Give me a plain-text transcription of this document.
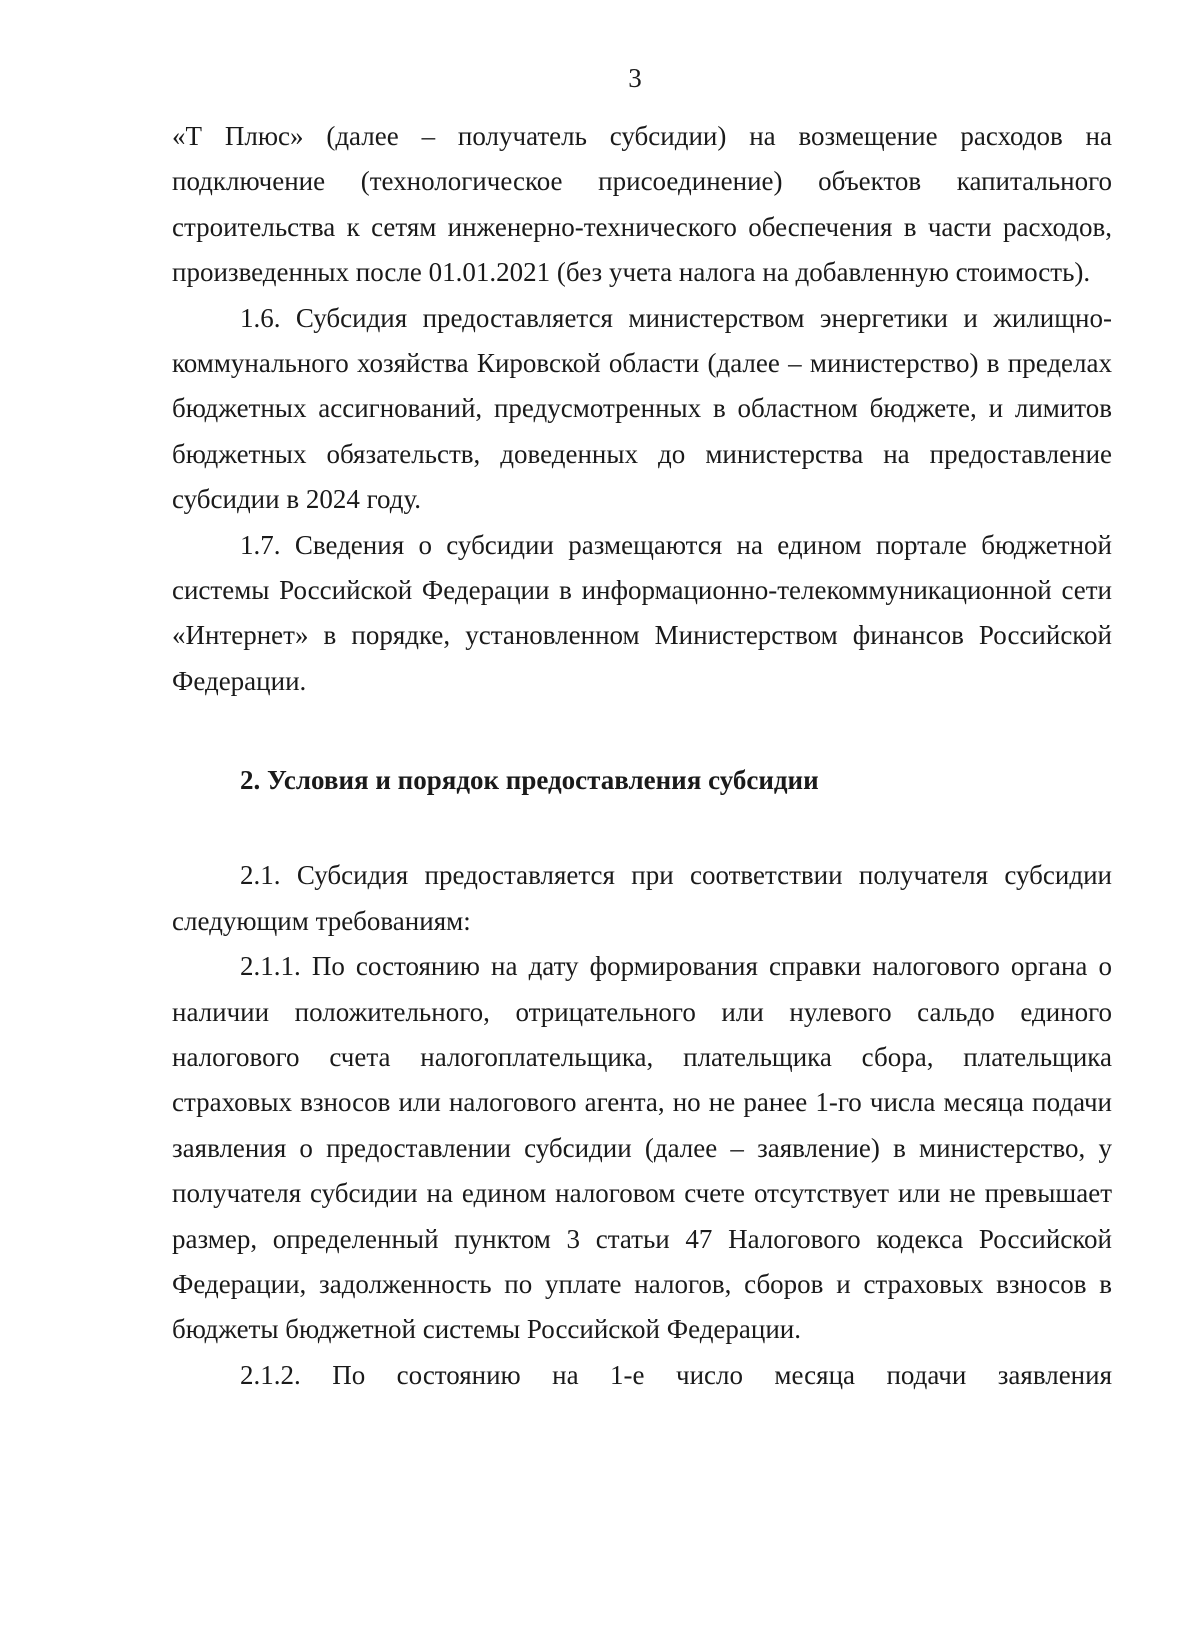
3

«Т Плюс» (далее – получатель субсидии) на возмещение расходов на подключение (технологическое присоединение) объектов капитального строительства к сетям инженерно-технического обеспечения в части расходов, произведенных после 01.01.2021 (без учета налога на добавленную стоимость).

1.6. Субсидия предоставляется министерством энергетики и жилищно-коммунального хозяйства Кировской области (далее – министерство) в пределах бюджетных ассигнований, предусмотренных в областном бюджете, и лимитов бюджетных обязательств, доведенных до министерства на предоставление субсидии в 2024 году.

1.7. Сведения о субсидии размещаются на едином портале бюджетной системы Российской Федерации в информационно-телекоммуникационной сети «Интернет» в порядке, установленном Министерством финансов Российской Федерации.

2. Условия и порядок предоставления субсидии

2.1. Субсидия предоставляется при соответствии получателя субсидии следующим требованиям:

2.1.1. По состоянию на дату формирования справки налогового органа о наличии положительного, отрицательного или нулевого сальдо единого налогового счета налогоплательщика, плательщика сбора, плательщика страховых взносов или налогового агента, но не ранее 1-го числа месяца подачи заявления о предоставлении субсидии (далее – заявление) в министерство, у получателя субсидии на едином налоговом счете отсутствует или не превышает размер, определенный пунктом 3 статьи 47 Налогового кодекса Российской Федерации, задолженность по уплате налогов, сборов и страховых взносов в бюджеты бюджетной системы Российской Федерации.

2.1.2. По состоянию на 1-е число месяца подачи заявления
